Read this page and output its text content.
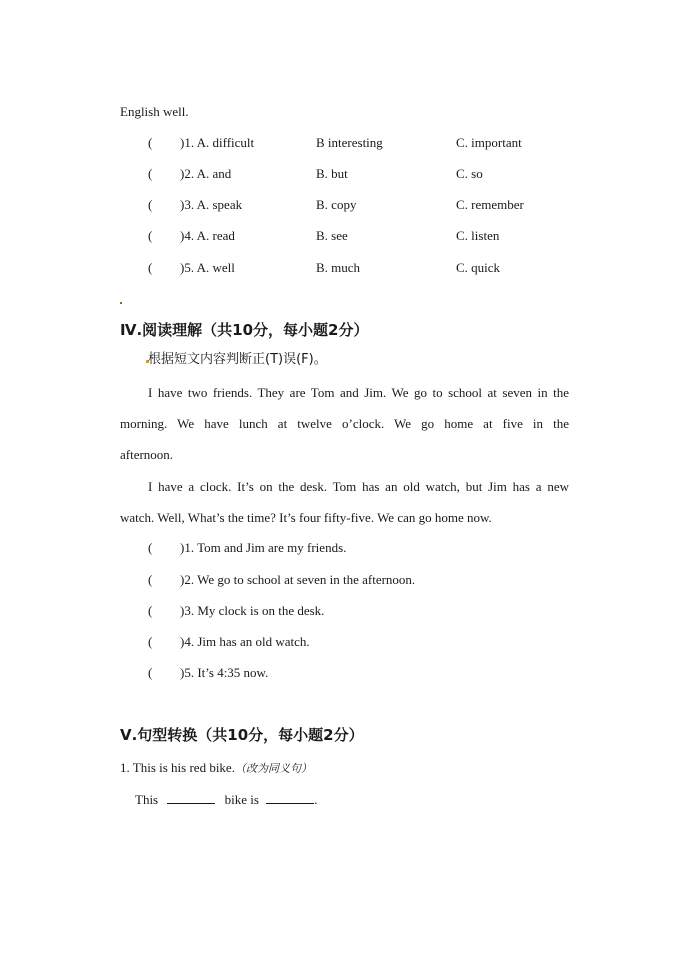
English well.
( )1. A. difficult	B interesting	C. important
( )2. A. and	B. but	C. so
( )3. A. speak	B. copy	C. remember
( )4. A. read	B. see	C. listen
( )5. A. well	B. much	C. quick
Ⅳ.阅读理解（共10分，每小题2分）
根据短文内容判断正(T)误(F)。
I have two friends. They are Tom and Jim. We go to school at seven in the
morning. We have lunch at twelve o’clock. We go home at five in the
afternoon.
I have a clock. It’s on the desk. Tom has an old watch, but Jim has a new
watch. Well, What’s the time? It’s four fifty-five. We can go home now.
( )1. Tom and Jim are my friends.
( )2. We go to school at seven in the afternoon.
( )3. My clock is on the desk.
( )4. Jim has an old watch.
( )5. It’s 4:35 now.
Ⅴ.句型转换（共10分，每小题2分）
1. This is his red bike.（改为同义句）
This	bike is	.
